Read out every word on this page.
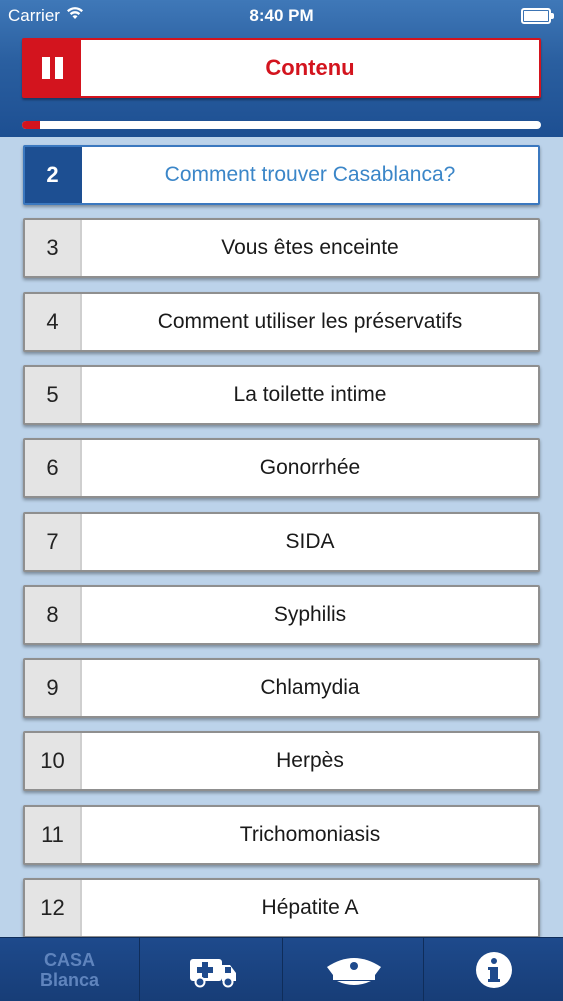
Carrier	8:40 PM
Contenu
2	Comment trouver Casablanca?
3	Vous êtes enceinte
4	Comment utiliser les préservatifs
5	La toilette intime
6	Gonorrhée
7	SIDA
8	Syphilis
9	Chlamydia
10	Herpès
11	Trichomoniasis
12	Hépatite A
CASA
Blanca
